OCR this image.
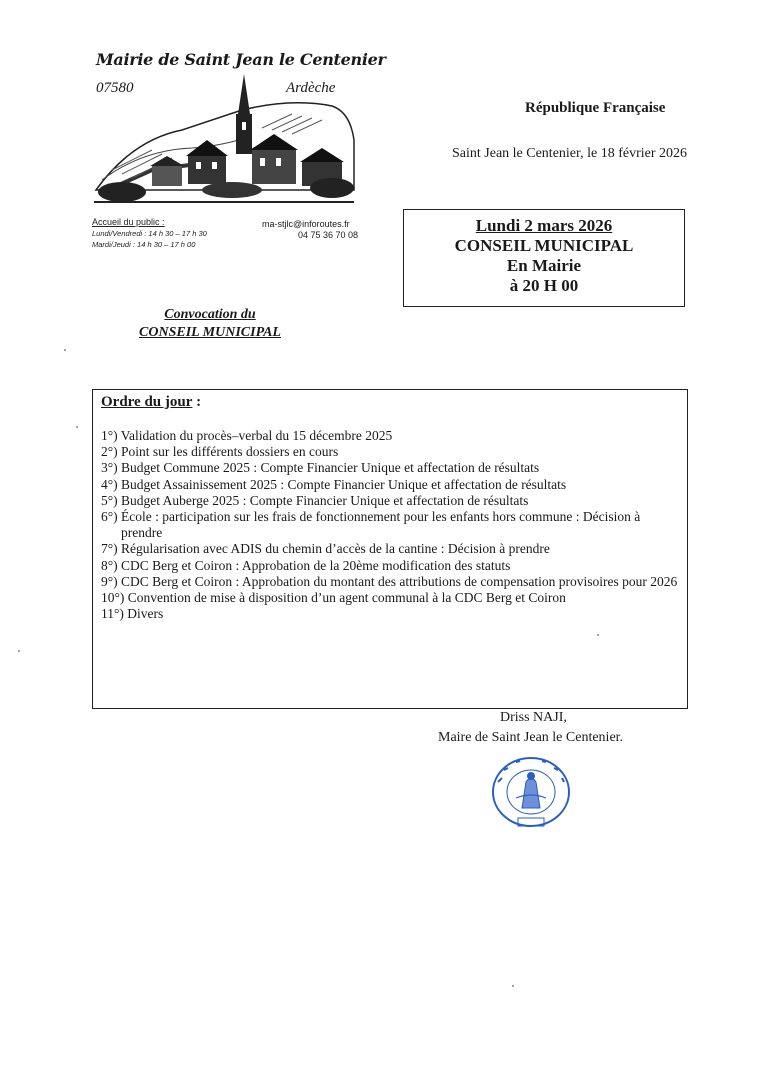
Mairie de Saint Jean le Centenier
07580	Ardèche
Accueil du public :
Lundi/Vendredi : 14 h 30 – 17 h 30
Mardi/Jeudi : 14 h 30 – 17 h 00
ma-stjlc@inforoutes.fr
04 75 36 70 08
République Française
Saint Jean le Centenier, le 18 février 2026
Lundi 2 mars 2026
CONSEIL MUNICIPAL
En Mairie
à 20 H 00
Convocation du
CONSEIL MUNICIPAL
Ordre du jour :
1°) Validation du procès–verbal du 15 décembre 2025
2°) Point sur les différents dossiers en cours
3°) Budget Commune 2025 : Compte Financier Unique et affectation de résultats
4°) Budget Assainissement 2025 : Compte Financier Unique et affectation de résultats
5°) Budget Auberge 2025 : Compte Financier Unique et affectation de résultats
6°) École : participation sur les frais de fonctionnement pour les enfants hors commune : Décision à prendre
7°) Régularisation avec ADIS du chemin d’accès de la cantine : Décision à prendre
8°) CDC Berg et Coiron : Approbation de la 20ème modification des statuts
9°) CDC Berg et Coiron : Approbation du montant des attributions de compensation provisoires pour 2026
10°) Convention de mise à disposition d’un agent communal à la CDC Berg et Coiron
11°) Divers
Driss NAJI,
Maire de Saint Jean le Centenier.
